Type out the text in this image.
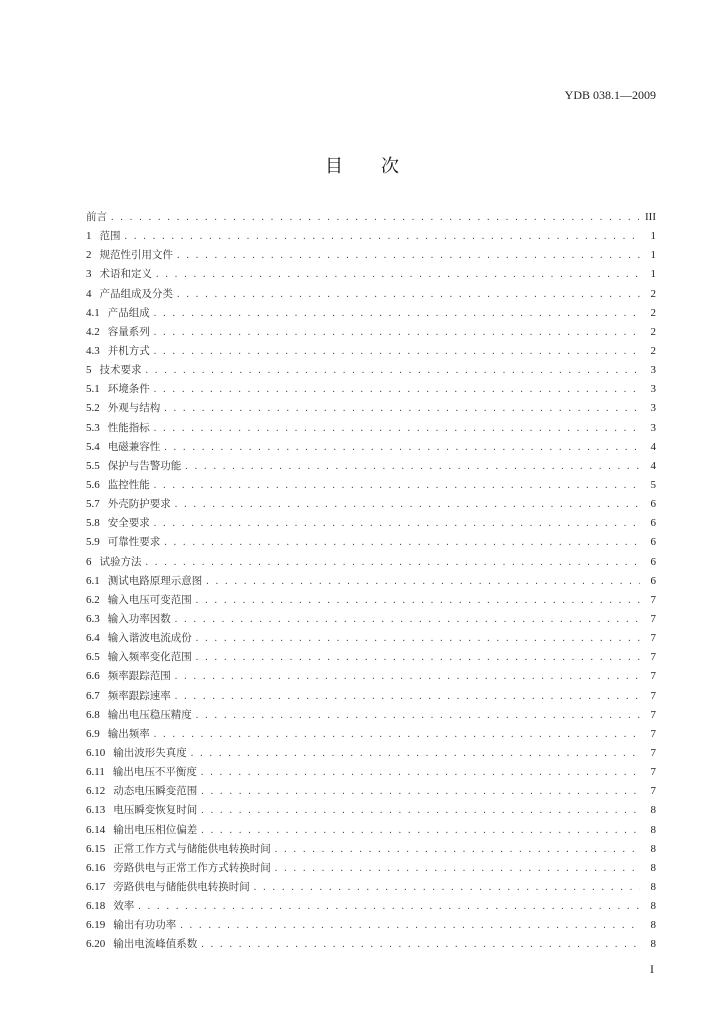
YDB 038.1—2009
目次
前言 . . .	III
1 范围 . . .	1
2 规范性引用文件 . . .	1
3 术语和定义 . . .	1
4 产品组成及分类 . . .	2
4.1 产品组成 . . .	2
4.2 容量系列 . . .	2
4.3 并机方式 . . .	2
5 技术要求 . . .	3
5.1 环境条件 . . .	3
5.2 外观与结构 . . .	3
5.3 性能指标 . . .	3
5.4 电磁兼容性 . . .	4
5.5 保护与告警功能 . . .	4
5.6 监控性能 . . .	5
5.7 外壳防护要求 . . .	6
5.8 安全要求 . . .	6
5.9 可靠性要求 . . .	6
6 试验方法 . . .	6
6.1 测试电路原理示意图 . . .	6
6.2 输入电压可变范围 . . .	7
6.3 输入功率因数 . . .	7
6.4 输入谐波电流成份 . . .	7
6.5 输入频率变化范围 . . .	7
6.6 频率跟踪范围 . . .	7
6.7 频率跟踪速率 . . .	7
6.8 输出电压稳压精度 . . .	7
6.9 输出频率 . . .	7
6.10 输出波形失真度 . . .	7
6.11 输出电压不平衡度 . . .	7
6.12 动态电压瞬变范围 . . .	7
6.13 电压瞬变恢复时间 . . .	8
6.14 输出电压相位偏差 . . .	8
6.15 正常工作方式与储能供电转换时间 . . .	8
6.16 旁路供电与正常工作方式转换时间 . . .	8
6.17 旁路供电与储能供电转换时间 . . .	8
6.18 效率 . . .	8
6.19 输出有功功率 . . .	8
6.20 输出电流峰值系数 . . .	8
I
